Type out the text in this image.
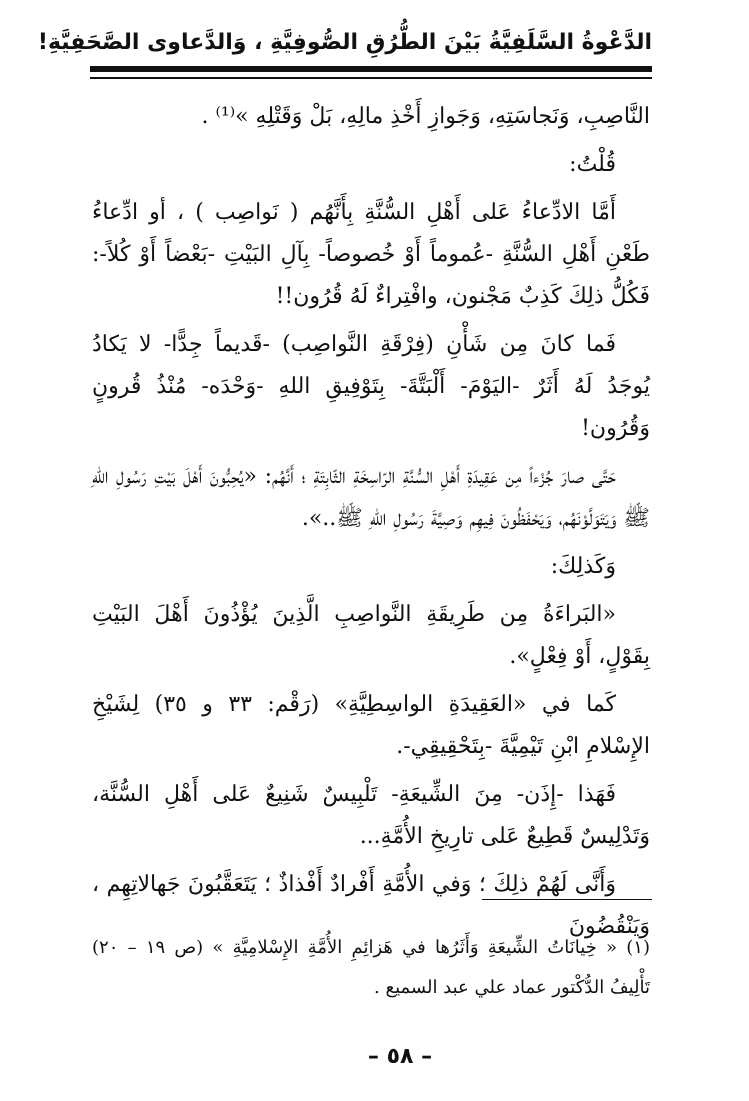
الدَّعْوةُ السَّلَفِيَّةُ بَيْنَ الطُّرُقِ الصُّوفِيَّةِ ، وَالدَّعاوى الصَّحَفِيَّةِ!

النَّاصِبِ، وَنَجاسَتِهِ، وَجَوازِ أَخْذِ مالِهِ، بَلْ وَقَتْلِهِ »⁽¹⁾ .

قُلْتُ:

أَمَّا الادِّعاءُ عَلى أَهْلِ السُّنَّةِ بِأَنَّهُم ( نَواصِب ) ، أو ادِّعاءُ طَعْنِ أَهْلِ السُّنَّةِ -عُموماً أَوْ خُصوصاً- بِآلِ البَيْتِ -بَعْضاً أَوْ كُلاً-: فَكُلُّ ذلِكَ كَذِبٌ مَجْنون، وافْتِراءٌ لَهُ قُرُون!!

فَما كانَ مِن شَأْنِ (فِرْقَةِ النَّواصِب) -قَديماً جِدًّا- لا يَكادُ يُوجَدُ لَهُ أَثَرٌ -اليَوْمَ- أَلْبَتَّةَ- بِتَوْفِيقِ اللهِ -وَحْدَه- مُنْذُ قُرونٍ وَقُرُون!

حَتَّى صارَ جُزْءاً مِن عَقِيدَةِ أَهْلِ السُّنَّةِ الرّاسِخَةِ الثّابِتَةِ ؛ أَنَّهُم: «يُحِبُّونَ أَهْلَ بَيْتِ رَسُولِ اللهِ ﷺ وَيَتَوَلَّوْنَهُم، وَيَحْفَظُونَ فِيهِم وَصِيَّةَ رَسُولِ اللهِ ﷺ..».

وَكَذلِكَ:

«البَراءَةُ مِن طَرِيقَةِ النَّواصِبِ الَّذِينَ يُؤْذُونَ أَهْلَ البَيْتِ بِقَوْلٍ، أَوْ فِعْلٍ».

كَما في «العَقِيدَةِ الواسِطِيَّةِ» (رَقْم: ٣٣ و ٣٥) لِشَيْخِ الإِسْلامِ ابْنِ تَيْمِيَّةَ -بِتَحْقِيقِي-.

فَهَذا -إِذَن- مِنَ الشِّيعَةِ- تَلْبِيسٌ شَنِيعٌ عَلى أَهْلِ السُّنَّة، وَتَدْلِيسٌ قَطِيعٌ عَلى تارِيخِ الأُمَّةِ...

وَأَنَّى لَهُمْ ذلِكَ ؛ وَفي الأُمَّةِ أَفْرادٌ أَفْذاذٌ ؛ يَتَعَقَّبُونَ جَهالاتِهِم ، وَيَنْقُضُونَ

(١) « خِيانَاتُ الشِّيعَةِ وَأَثَرُها في هَزائِمِ الأُمَّةِ الإِسْلامِيَّةِ » (ص ١٩ – ٢٠) تَأْلِيفُ الدُّكْتور عماد علي عبد السميع .
– ٥٨ –
